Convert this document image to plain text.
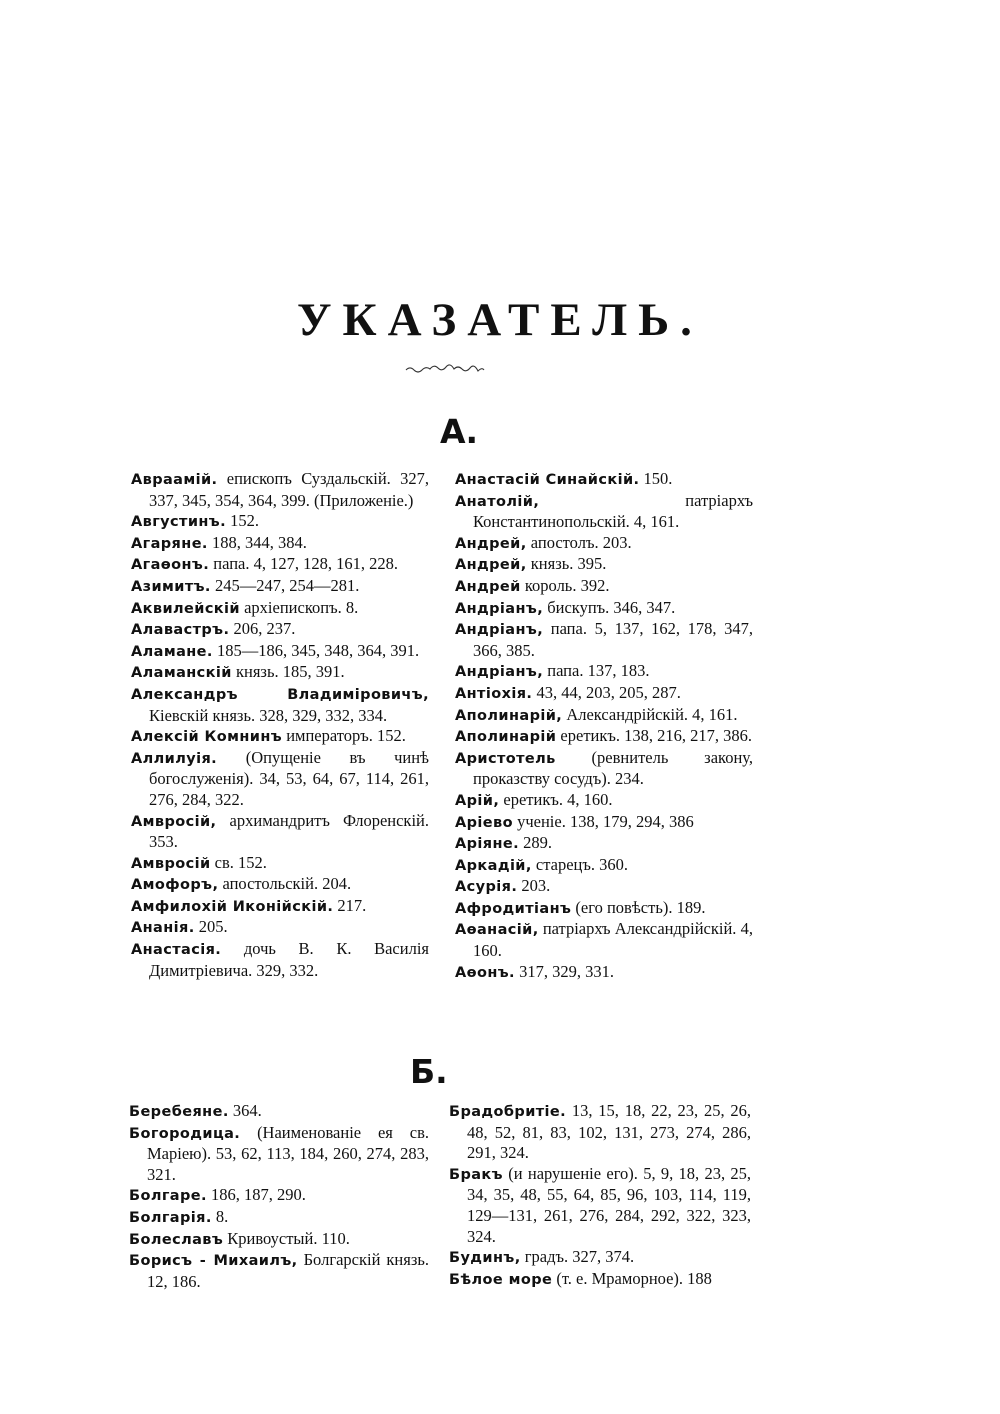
УКАЗАТЕЛЬ.
А.

Авраамій. епископъ Суздальскій. 327, 337, 345, 354, 364, 399. (Приложеніе.)

Августинъ. 152.

Агаряне. 188, 344, 384.

Агаѳонъ. папа. 4, 127, 128, 161, 228.

Азимитъ. 245—247, 254—281.

Аквилейскій архіепископъ. 8.

Алавастръ. 206, 237.

Аламане. 185—186, 345, 348, 364, 391.

Аламанскій князь. 185, 391.

Александръ Владиміровичъ, Кіевскій князь. 328, 329, 332, 334.

Алексій Комнинъ императоръ. 152.

Аллилуія. (Опущеніе въ чинѣ богослуженія). 34, 53, 64, 67, 114, 261, 276, 284, 322.

Амвросій, архимандритъ Флоренскій. 353.

Амвросій св. 152.

Амофоръ, апостольскій. 204.

Амфилохій Иконійскій. 217.

Ананія. 205.

Анастасія. дочь В. К. Василія Димитріевича. 329, 332.

Анастасій Синайскій. 150.

Анатолій, патріархъ Константинопольскій. 4, 161.

Андрей, апостолъ. 203.

Андрей, князь. 395.

Андрей король. 392.

Андріанъ, бискупъ. 346, 347.

Андріанъ, папа. 5, 137, 162, 178, 347, 366, 385.

Андріанъ, папа. 137, 183.

Антіохія. 43, 44, 203, 205, 287.

Аполинарій, Александрійскій. 4, 161.

Аполинарій еретикъ. 138, 216, 217, 386.

Аристотель (ревнитель закону, проказству сосудъ). 234.

Арій, еретикъ. 4, 160.

Аріево ученіе. 138, 179, 294, 386

Аріяне. 289.

Аркадій, старецъ. 360.

Асурія. 203.

Афродитіанъ (его повѣсть). 189.

Аѳанасій, патріархъ Александрійскій. 4, 160.

Аѳонъ. 317, 329, 331.

Б.

Беребеяне. 364.

Богородица. (Наименованіе ея св. Маріею). 53, 62, 113, 184, 260, 274, 283, 321.

Болгаре. 186, 187, 290.

Болгарія. 8.

Болеславъ Кривоустый. 110.

Борисъ - Михаилъ, Болгарскій князь. 12, 186.

Брадобритіе. 13, 15, 18, 22, 23, 25, 26, 48, 52, 81, 83, 102, 131, 273, 274, 286, 291, 324.

Бракъ (и нарушеніе его). 5, 9, 18, 23, 25, 34, 35, 48, 55, 64, 85, 96, 103, 114, 119, 129—131, 261, 276, 284, 292, 322, 323, 324.

Будинъ, градъ. 327, 374.

Бѣлое море (т. е. Мраморное). 188
